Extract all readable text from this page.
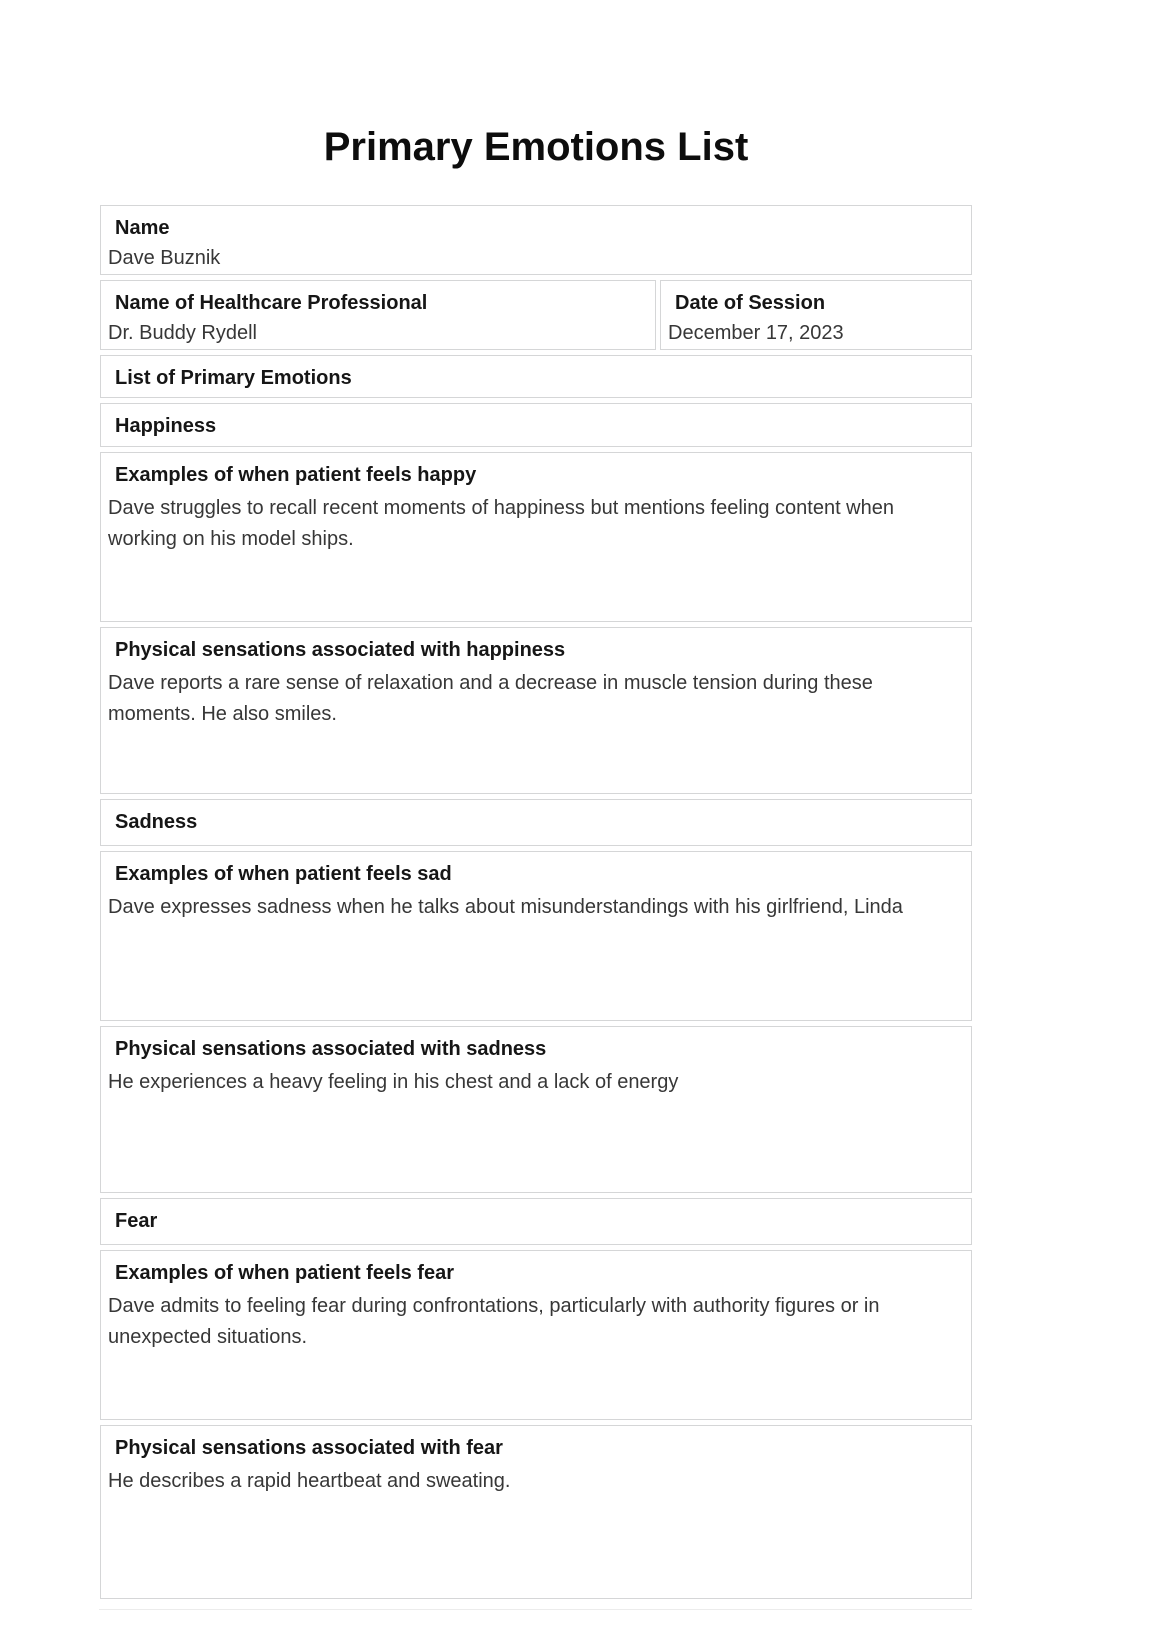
Primary Emotions List
Name
Dave Buznik
Name of Healthcare Professional
Dr. Buddy Rydell
Date of Session
December 17, 2023
List of Primary Emotions
Happiness
Examples of when patient feels happy
Dave struggles to recall recent moments of happiness but mentions feeling content when working on his model ships.
Physical sensations associated with happiness
Dave reports a rare sense of relaxation and a decrease in muscle tension during these moments. He also smiles.
Sadness
Examples of when patient feels sad
Dave expresses sadness when he talks about misunderstandings with his girlfriend, Linda
Physical sensations associated with sadness
He experiences a heavy feeling in his chest and a lack of energy
Fear
Examples of when patient feels fear
Dave admits to feeling fear during confrontations, particularly with authority figures or in unexpected situations.
Physical sensations associated with fear
He describes a rapid heartbeat and sweating.
